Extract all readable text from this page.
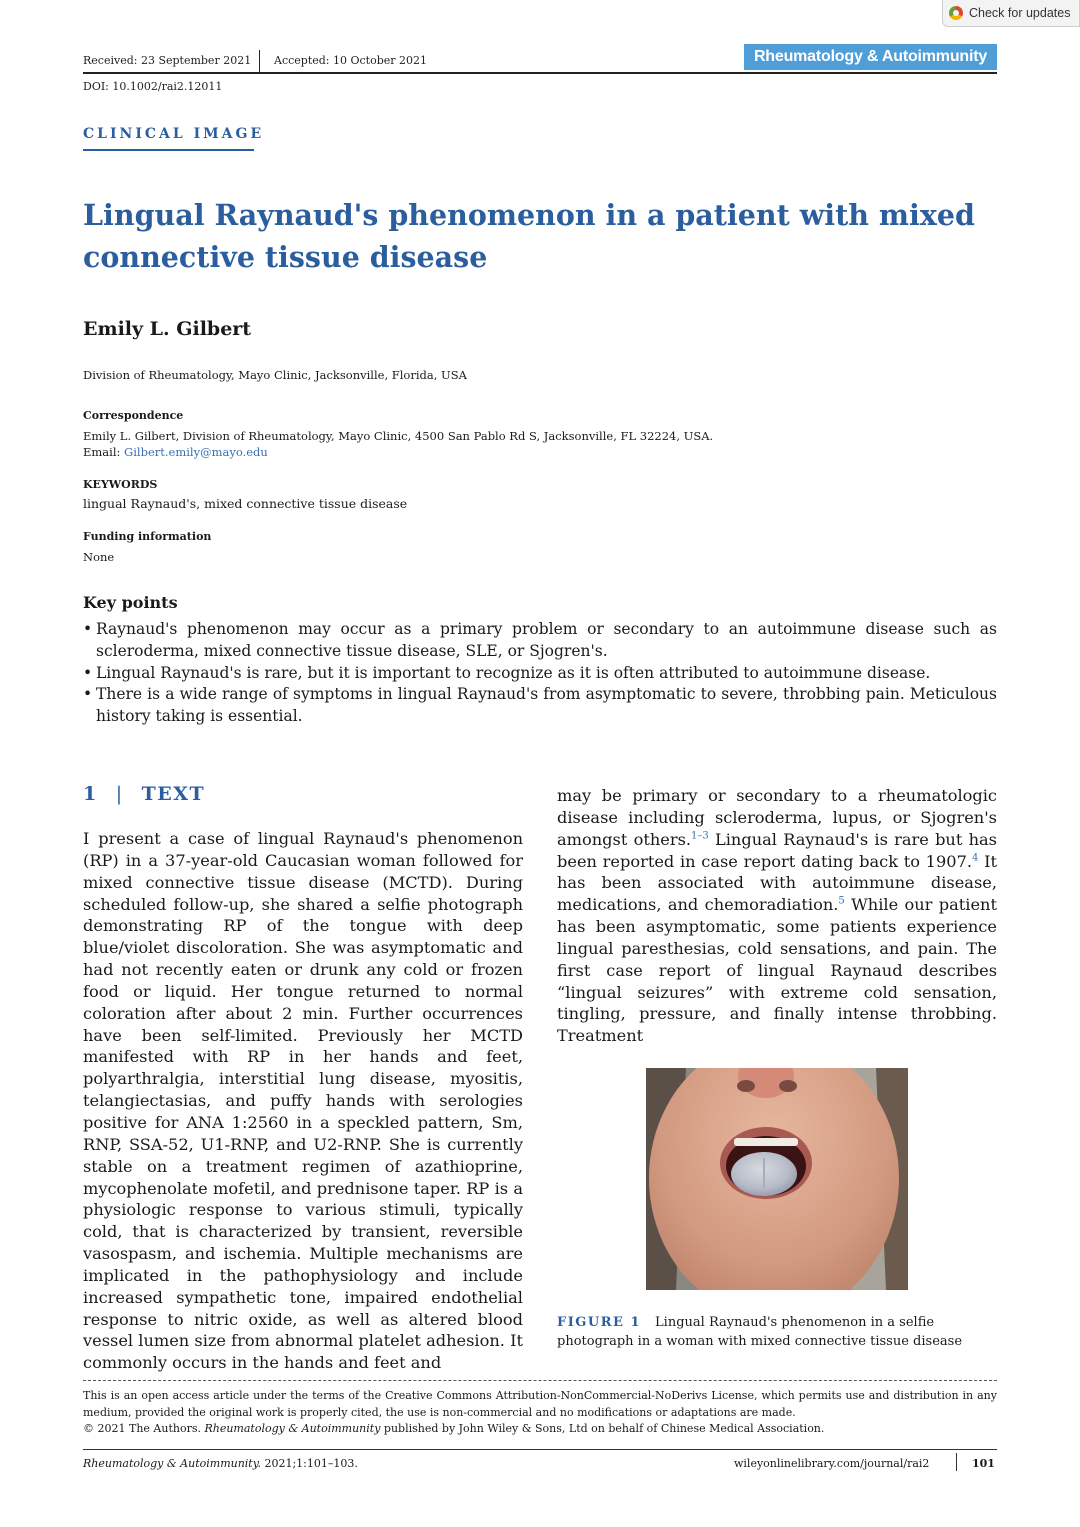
Check for updates
Received: 23 September 2021 Accepted: 10 October 2021	Rheumatology & Autoimmunity
DOI: 10.1002/rai2.12011
CLINICAL IMAGE
Lingual Raynaud's phenomenon in a patient with mixed connective tissue disease
Emily L. Gilbert
Division of Rheumatology, Mayo Clinic, Jacksonville, Florida, USA
Correspondence
Emily L. Gilbert, Division of Rheumatology, Mayo Clinic, 4500 San Pablo Rd S, Jacksonville, FL 32224, USA.
Email: Gilbert.emily@mayo.edu
KEYWORDS
lingual Raynaud's, mixed connective tissue disease
Funding information
None
Key points
• Raynaud's phenomenon may occur as a primary problem or secondary to an autoimmune disease such as scleroderma, mixed connective tissue disease, SLE, or Sjogren's.
• Lingual Raynaud's is rare, but it is important to recognize as it is often attributed to autoimmune disease.
• There is a wide range of symptoms in lingual Raynaud's from asymptomatic to severe, throbbing pain. Meticulous history taking is essential.
1 | TEXT
I present a case of lingual Raynaud's phenomenon (RP) in a 37-year-old Caucasian woman followed for mixed connective tissue disease (MCTD). During scheduled follow-up, she shared a selfie photograph demonstrating RP of the tongue with deep blue/violet discoloration. She was asymptomatic and had not recently eaten or drunk any cold or frozen food or liquid. Her tongue returned to normal coloration after about 2 min. Further occurrences have been self-limited. Previously her MCTD manifested with RP in her hands and feet, polyarthralgia, interstitial lung disease, myositis, telangiectasias, and puffy hands with serologies positive for ANA 1:2560 in a speckled pattern, Sm, RNP, SSA-52, U1-RNP, and U2-RNP. She is currently stable on a treatment regimen of azathioprine, mycophenolate mofetil, and prednisone taper. RP is a physiologic response to various stimuli, typically cold, that is characterized by transient, reversible vasospasm, and ischemia. Multiple mechanisms are implicated in the pathophysiology and include increased sympathetic tone, impaired endothelial response to nitric oxide, as well as altered blood vessel lumen size from abnormal platelet adhesion. It commonly occurs in the hands and feet and
may be primary or secondary to a rheumatologic disease including scleroderma, lupus, or Sjogren's amongst others.$^{1-3}$ Lingual Raynaud's is rare but has been reported in case report dating back to 1907.$^4$ It has been associated with autoimmune disease, medications, and chemoradiation.$^5$ While our patient has been asymptomatic, some patients experience lingual paresthesias, cold sensations, and pain. The first case report of lingual Raynaud describes “lingual seizures” with extreme cold sensation, tingling, pressure, and finally intense throbbing. Treatment
FIGURE 1 Lingual Raynaud's phenomenon in a selfie photograph in a woman with mixed connective tissue disease
This is an open access article under the terms of the Creative Commons Attribution-NonCommercial-NoDerivs License, which permits use and distribution in any medium, provided the original work is properly cited, the use is non-commercial and no modifications or adaptations are made.
© 2021 The Authors. Rheumatology & Autoimmunity published by John Wiley & Sons, Ltd on behalf of Chinese Medical Association.
Rheumatology & Autoimmunity. 2021;1:101–103.	wileyonlinelibrary.com/journal/rai2	101
